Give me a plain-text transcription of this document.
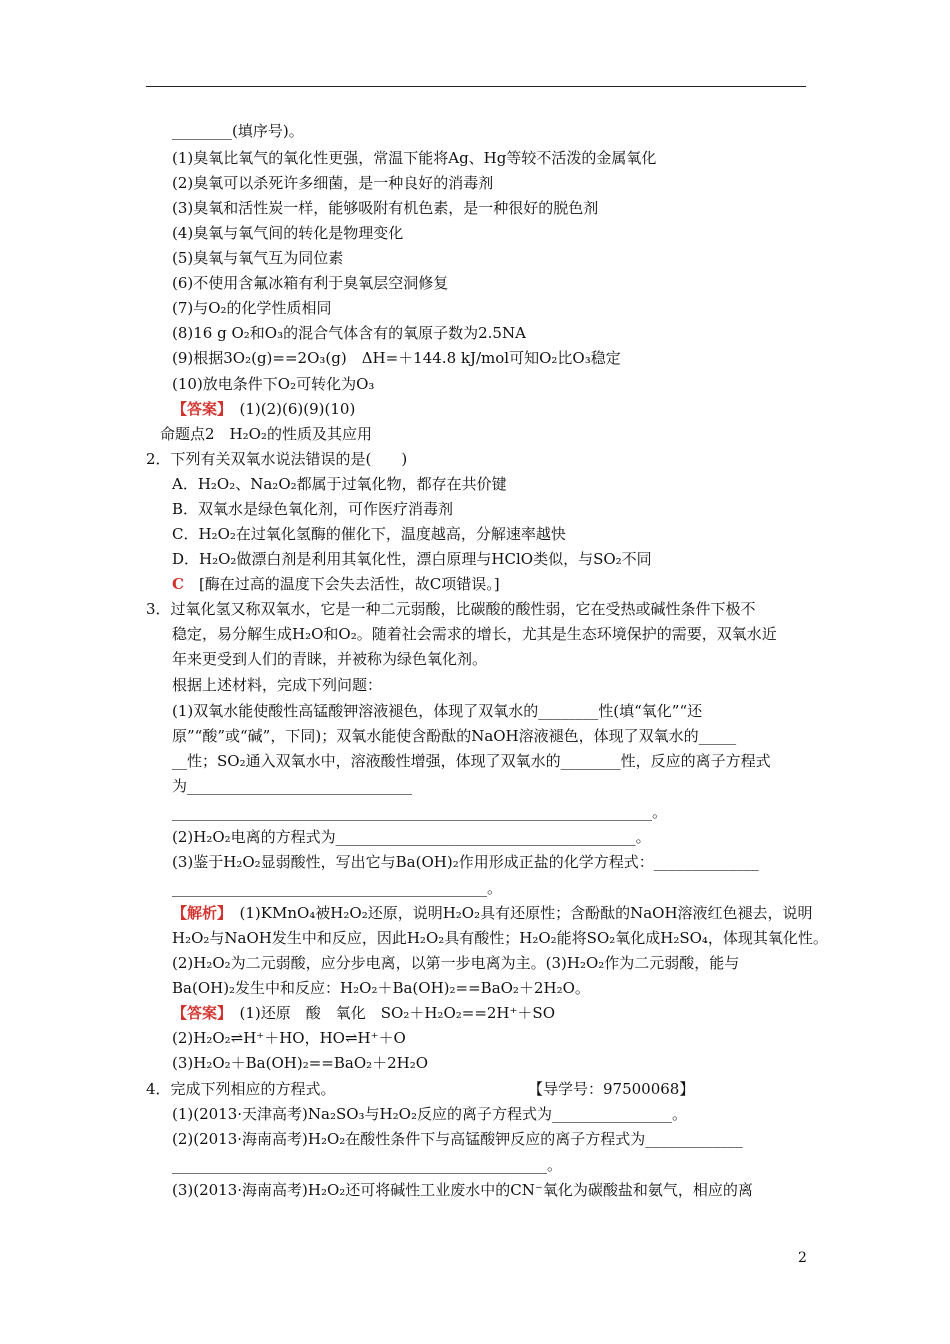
________(填序号)。
(1)臭氧比氧气的氧化性更强，常温下能将Ag、Hg等较不活泼的金属氧化
(2)臭氧可以杀死许多细菌，是一种良好的消毒剂
(3)臭氧和活性炭一样，能够吸附有机色素，是一种很好的脱色剂
(4)臭氧与氧气间的转化是物理变化
(5)臭氧与氧气互为同位素
(6)不使用含氟冰箱有利于臭氧层空洞修复
(7)与O₂的化学性质相同
(8)16 g O₂和O₃的混合气体含有的氧原子数为2.5NA
(9)根据3O₂(g)==2O₃(g)　ΔH=＋144.8 kJ/mol可知O₂比O₃稳定
(10)放电条件下O₂可转化为O₃
【答案】　(1)(2)(6)(9)(10)
命题点2　H₂O₂的性质及其应用
2．下列有关双氧水说法错误的是(　　)
A．H₂O₂、Na₂O₂都属于过氧化物，都存在共价键
B．双氧水是绿色氧化剂，可作医疗消毒剂
C．H₂O₂在过氧化氢酶的催化下，温度越高，分解速率越快
D．H₂O₂做漂白剂是利用其氧化性，漂白原理与HClO类似，与SO₂不同
C　[酶在过高的温度下会失去活性，故C项错误。]
3．过氧化氢又称双氧水，它是一种二元弱酸，比碳酸的酸性弱，它在受热或碱性条件下极不
稳定，易分解生成H₂O和O₂。随着社会需求的增长，尤其是生态环境保护的需要，双氧水近
年来更受到人们的青睐，并被称为绿色氧化剂。
根据上述材料，完成下列问题：
(1)双氧水能使酸性高锰酸钾溶液褪色，体现了双氧水的________性(填“氧化”“还
原”“酸”或“碱”，下同)；双氧水能使含酚酞的NaOH溶液褪色，体现了双氧水的_____
__性；SO₂通入双氧水中，溶液酸性增强，体现了双氧水的________性，反应的离子方程式
为______________________________
________________________________________________________________。
(2)H₂O₂电离的方程式为________________________________________。
(3)鉴于H₂O₂显弱酸性，写出它与Ba(OH)₂作用形成正盐的化学方程式：______________
__________________________________________。
【解析】　(1)KMnO₄被H₂O₂还原，说明H₂O₂具有还原性；含酚酞的NaOH溶液红色褪去，说明
H₂O₂与NaOH发生中和反应，因此H₂O₂具有酸性；H₂O₂能将SO₂氧化成H₂SO₄，体现其氧化性。
(2)H₂O₂为二元弱酸，应分步电离，以第一步电离为主。(3)H₂O₂作为二元弱酸，能与
Ba(OH)₂发生中和反应：H₂O₂＋Ba(OH)₂==BaO₂＋2H₂O。
【答案】　(1)还原　酸　氧化　SO₂＋H₂O₂==2H⁺＋SO
(2)H₂O₂⇌H⁺＋HO，HO⇌H⁺＋O
(3)H₂O₂＋Ba(OH)₂==BaO₂＋2H₂O
4．完成下列相应的方程式。	【导学号：97500068】
(1)(2013·天津高考)Na₂SO₃与H₂O₂反应的离子方程式为________________。
(2)(2013·海南高考)H₂O₂在酸性条件下与高锰酸钾反应的离子方程式为_____________
__________________________________________________。
(3)(2013·海南高考)H₂O₂还可将碱性工业废水中的CN⁻氧化为碳酸盐和氨气，相应的离
2
